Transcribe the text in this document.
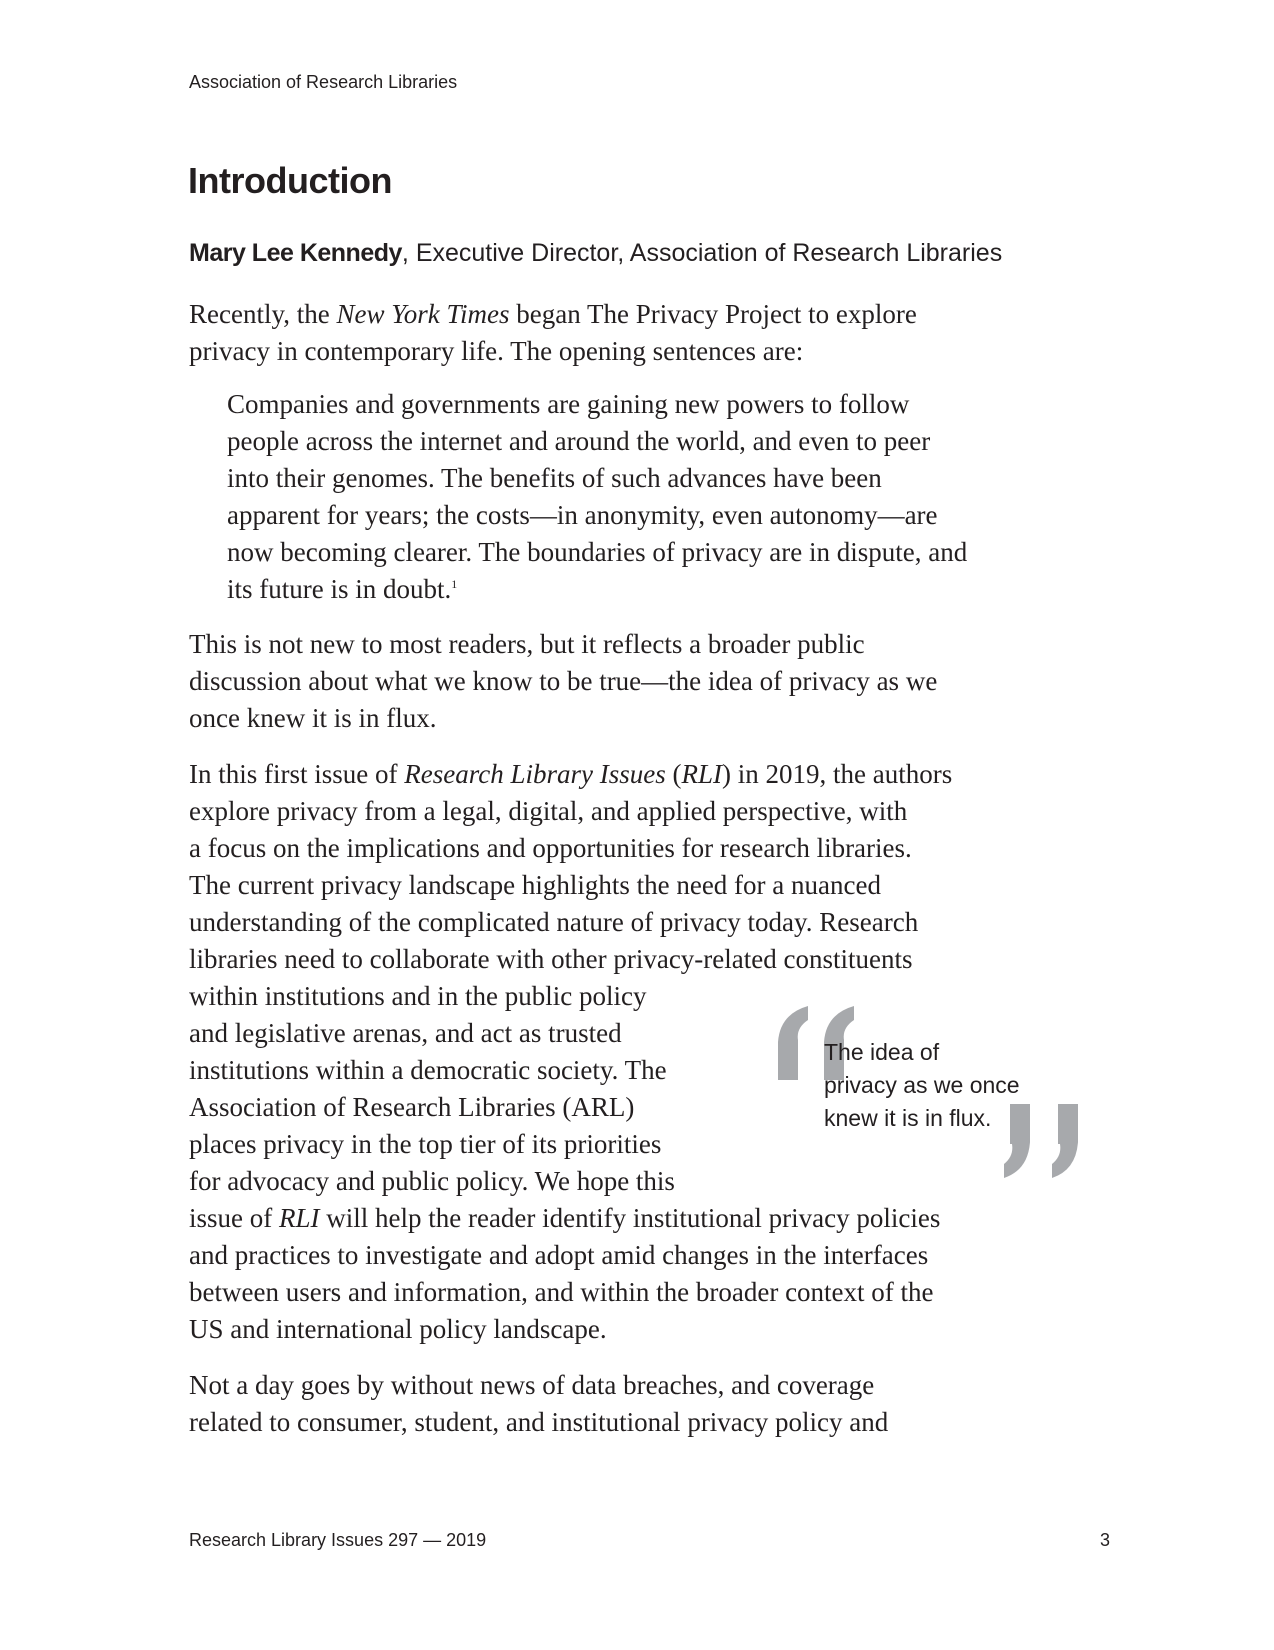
Association of Research Libraries
Introduction
Mary Lee Kennedy, Executive Director, Association of Research Libraries
Recently, the New York Times began The Privacy Project to explore
privacy in contemporary life. The opening sentences are:
Companies and governments are gaining new powers to follow
people across the internet and around the world, and even to peer
into their genomes. The benefits of such advances have been
apparent for years; the costs—in anonymity, even autonomy—are
now becoming clearer. The boundaries of privacy are in dispute, and
its future is in doubt.$^1$
This is not new to most readers, but it reflects a broader public
discussion about what we know to be true—the idea of privacy as we
once knew it is in flux.
In this first issue of Research Library Issues (RLI) in 2019, the authors
explore privacy from a legal, digital, and applied perspective, with
a focus on the implications and opportunities for research libraries.
The current privacy landscape highlights the need for a nuanced
understanding of the complicated nature of privacy today. Research
libraries need to collaborate with other privacy-related constituents
within institutions and in the public policy
and legislative arenas, and act as trusted
institutions within a democratic society. The
Association of Research Libraries (ARL)
places privacy in the top tier of its priorities
for advocacy and public policy. We hope this
issue of RLI will help the reader identify institutional privacy policies
and practices to investigate and adopt amid changes in the interfaces
between users and information, and within the broader context of the
US and international policy landscape.
Not a day goes by without news of data breaches, and coverage
related to consumer, student, and institutional privacy policy and
The idea of
privacy as we once
knew it is in flux.
Research Library Issues 297 — 2019	3
